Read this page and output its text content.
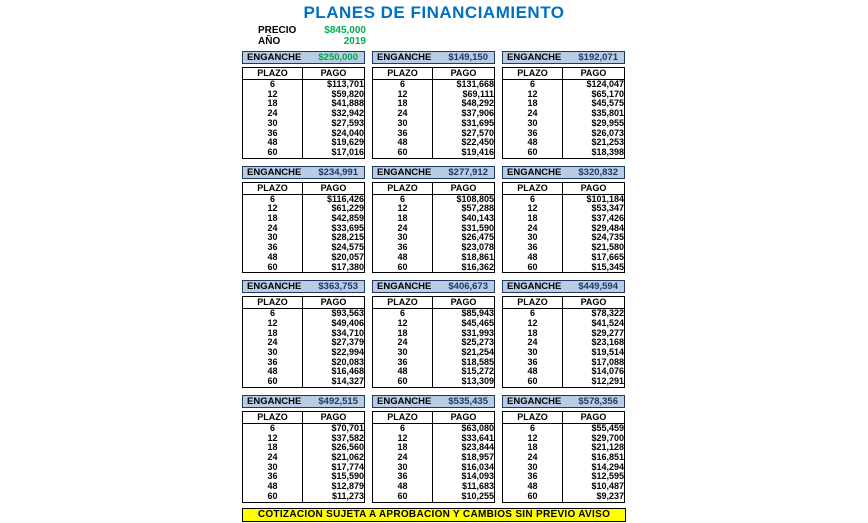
PLANES DE FINANCIAMIENTO
PRECIO	$845,000
AÑO	2019
ENGANCHE $250,000
PLAZO	PAGO
6	$113,701
12	$59,820
18	$41,888
24	$32,942
30	$27,593
36	$24,040
48	$19,629
60	$17,016
ENGANCHE $149,150
PLAZO	PAGO
6	$131,668
12	$69,111
18	$48,292
24	$37,906
30	$31,695
36	$27,570
48	$22,450
60	$19,416
ENGANCHE $192,071
PLAZO	PAGO
6	$124,047
12	$65,170
18	$45,575
24	$35,801
30	$29,955
36	$26,073
48	$21,253
60	$18,398
ENGANCHE $234,991
PLAZO	PAGO
6	$116,426
12	$61,229
18	$42,859
24	$33,695
30	$28,215
36	$24,575
48	$20,057
60	$17,380
ENGANCHE $277,912
PLAZO	PAGO
6	$108,805
12	$57,288
18	$40,143
24	$31,590
30	$26,475
36	$23,078
48	$18,861
60	$16,362
ENGANCHE $320,832
PLAZO	PAGO
6	$101,184
12	$53,347
18	$37,426
24	$29,484
30	$24,735
36	$21,580
48	$17,665
60	$15,345
ENGANCHE $363,753
PLAZO	PAGO
6	$93,563
12	$49,406
18	$34,710
24	$27,379
30	$22,994
36	$20,083
48	$16,468
60	$14,327
ENGANCHE $406,673
PLAZO	PAGO
6	$85,943
12	$45,465
18	$31,993
24	$25,273
30	$21,254
36	$18,585
48	$15,272
60	$13,309
ENGANCHE $449,594
PLAZO	PAGO
6	$78,322
12	$41,524
18	$29,277
24	$23,168
30	$19,514
36	$17,088
48	$14,076
60	$12,291
ENGANCHE $492,515
PLAZO	PAGO
6	$70,701
12	$37,582
18	$26,560
24	$21,062
30	$17,774
36	$15,590
48	$12,879
60	$11,273
ENGANCHE $535,435
PLAZO	PAGO
6	$63,080
12	$33,641
18	$23,844
24	$18,957
30	$16,034
36	$14,093
48	$11,683
60	$10,255
ENGANCHE $578,356
PLAZO	PAGO
6	$55,459
12	$29,700
18	$21,128
24	$16,851
30	$14,294
36	$12,595
48	$10,487
60	$9,237
COTIZACION SUJETA A APROBACION Y CAMBIOS SIN PREVIO AVISO
